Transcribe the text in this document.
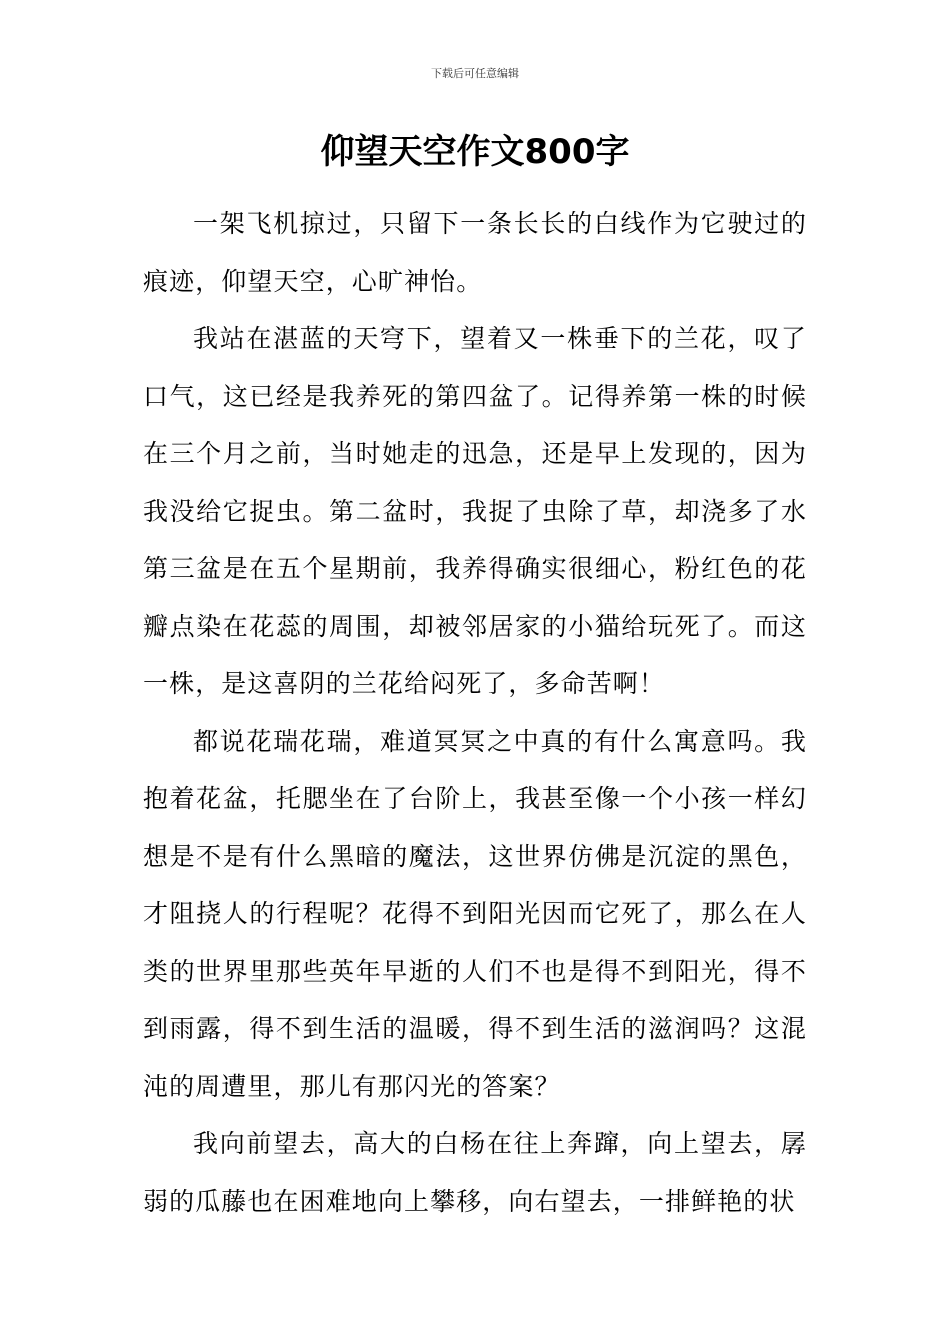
下载后可任意编辑
仰望天空作文800字

一架飞机掠过，只留下一条长长的白线作为它驶过的痕迹，仰望天空，心旷神怡。

我站在湛蓝的天穹下，望着又一株垂下的兰花，叹了口气，这已经是我养死的第四盆了。记得养第一株的时候在三个月之前，当时她走的迅急，还是早上发现的，因为我没给它捉虫。第二盆时，我捉了虫除了草，却浇多了水第三盆是在五个星期前，我养得确实很细心，粉红色的花瓣点染在花蕊的周围，却被邻居家的小猫给玩死了。而这一株，是这喜阴的兰花给闷死了，多命苦啊！

都说花瑞花瑞，难道冥冥之中真的有什么寓意吗。我抱着花盆，托腮坐在了台阶上，我甚至像一个小孩一样幻想是不是有什么黑暗的魔法，这世界仿佛是沉淀的黑色，才阻挠人的行程呢？花得不到阳光因而它死了，那么在人类的世界里那些英年早逝的人们不也是得不到阳光，得不到雨露，得不到生活的温暖，得不到生活的滋润吗？这混沌的周遭里，那儿有那闪光的答案？

我向前望去，高大的白杨在往上奔蹿，向上望去，孱弱的瓜藤也在困难地向上攀移，向右望去，一排鲜艳的状
